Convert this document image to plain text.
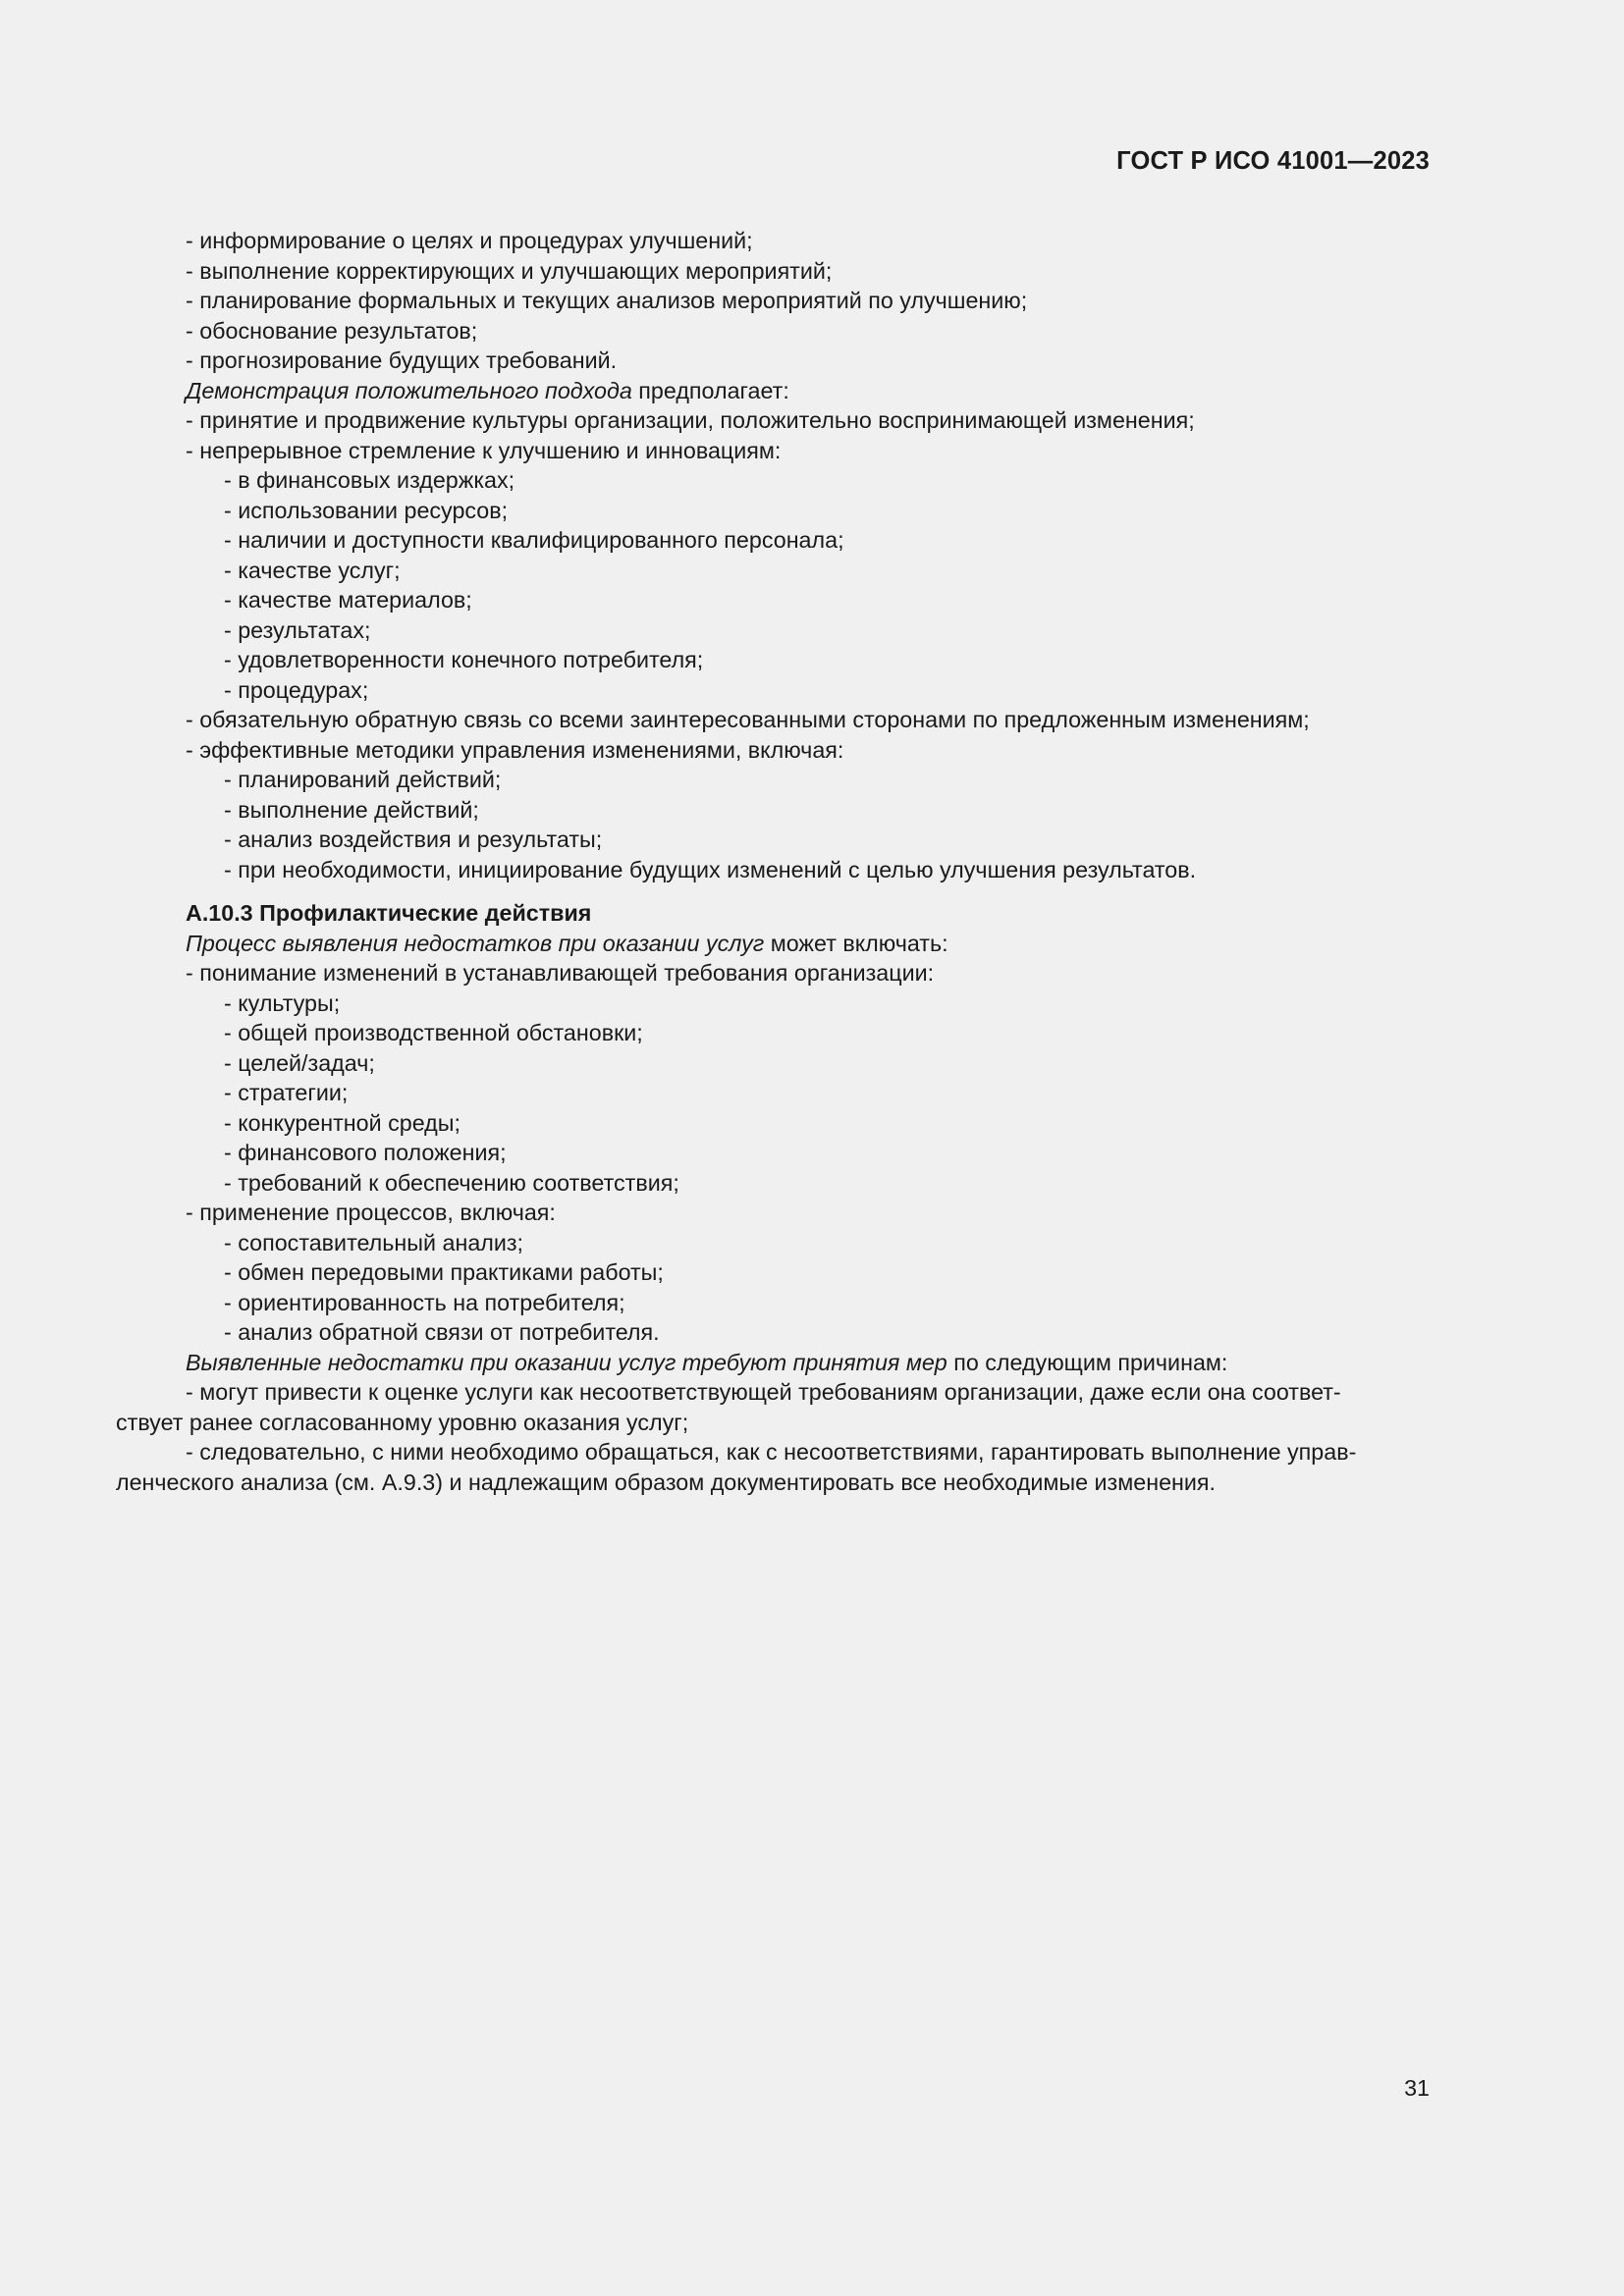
ГОСТ Р ИСО 41001—2023
- информирование о целях и процедурах улучшений;
- выполнение корректирующих и улучшающих мероприятий;
- планирование формальных и текущих анализов мероприятий по улучшению;
- обоснование результатов;
- прогнозирование будущих требований.
Демонстрация положительного подхода предполагает:
- принятие и продвижение культуры организации, положительно воспринимающей изменения;
- непрерывное стремление к улучшению и инновациям:
- в финансовых издержках;
- использовании ресурсов;
- наличии и доступности квалифицированного персонала;
- качестве услуг;
- качестве материалов;
- результатах;
- удовлетворенности конечного потребителя;
- процедурах;
- обязательную обратную связь со всеми заинтересованными сторонами по предложенным изменениям;
- эффективные методики управления изменениями, включая:
- планирований действий;
- выполнение действий;
- анализ воздействия и результаты;
- при необходимости, инициирование будущих изменений с целью улучшения результатов.
А.10.3 Профилактические действия
Процесс выявления недостатков при оказании услуг может включать:
- понимание изменений в устанавливающей требования организации:
- культуры;
- общей производственной обстановки;
- целей/задач;
- стратегии;
- конкурентной среды;
- финансового положения;
- требований к обеспечению соответствия;
- применение процессов, включая:
- сопоставительный анализ;
- обмен передовыми практиками работы;
- ориентированность на потребителя;
- анализ обратной связи от потребителя.
Выявленные недостатки при оказании услуг требуют принятия мер по следующим причинам:
- могут привести к оценке услуги как несоответствующей требованиям организации, даже если она соответ-
ствует ранее согласованному уровню оказания услуг;
- следовательно, с ними необходимо обращаться, как с несоответствиями, гарантировать выполнение управ-
ленческого анализа (см. А.9.3) и надлежащим образом документировать все необходимые изменения.
31
